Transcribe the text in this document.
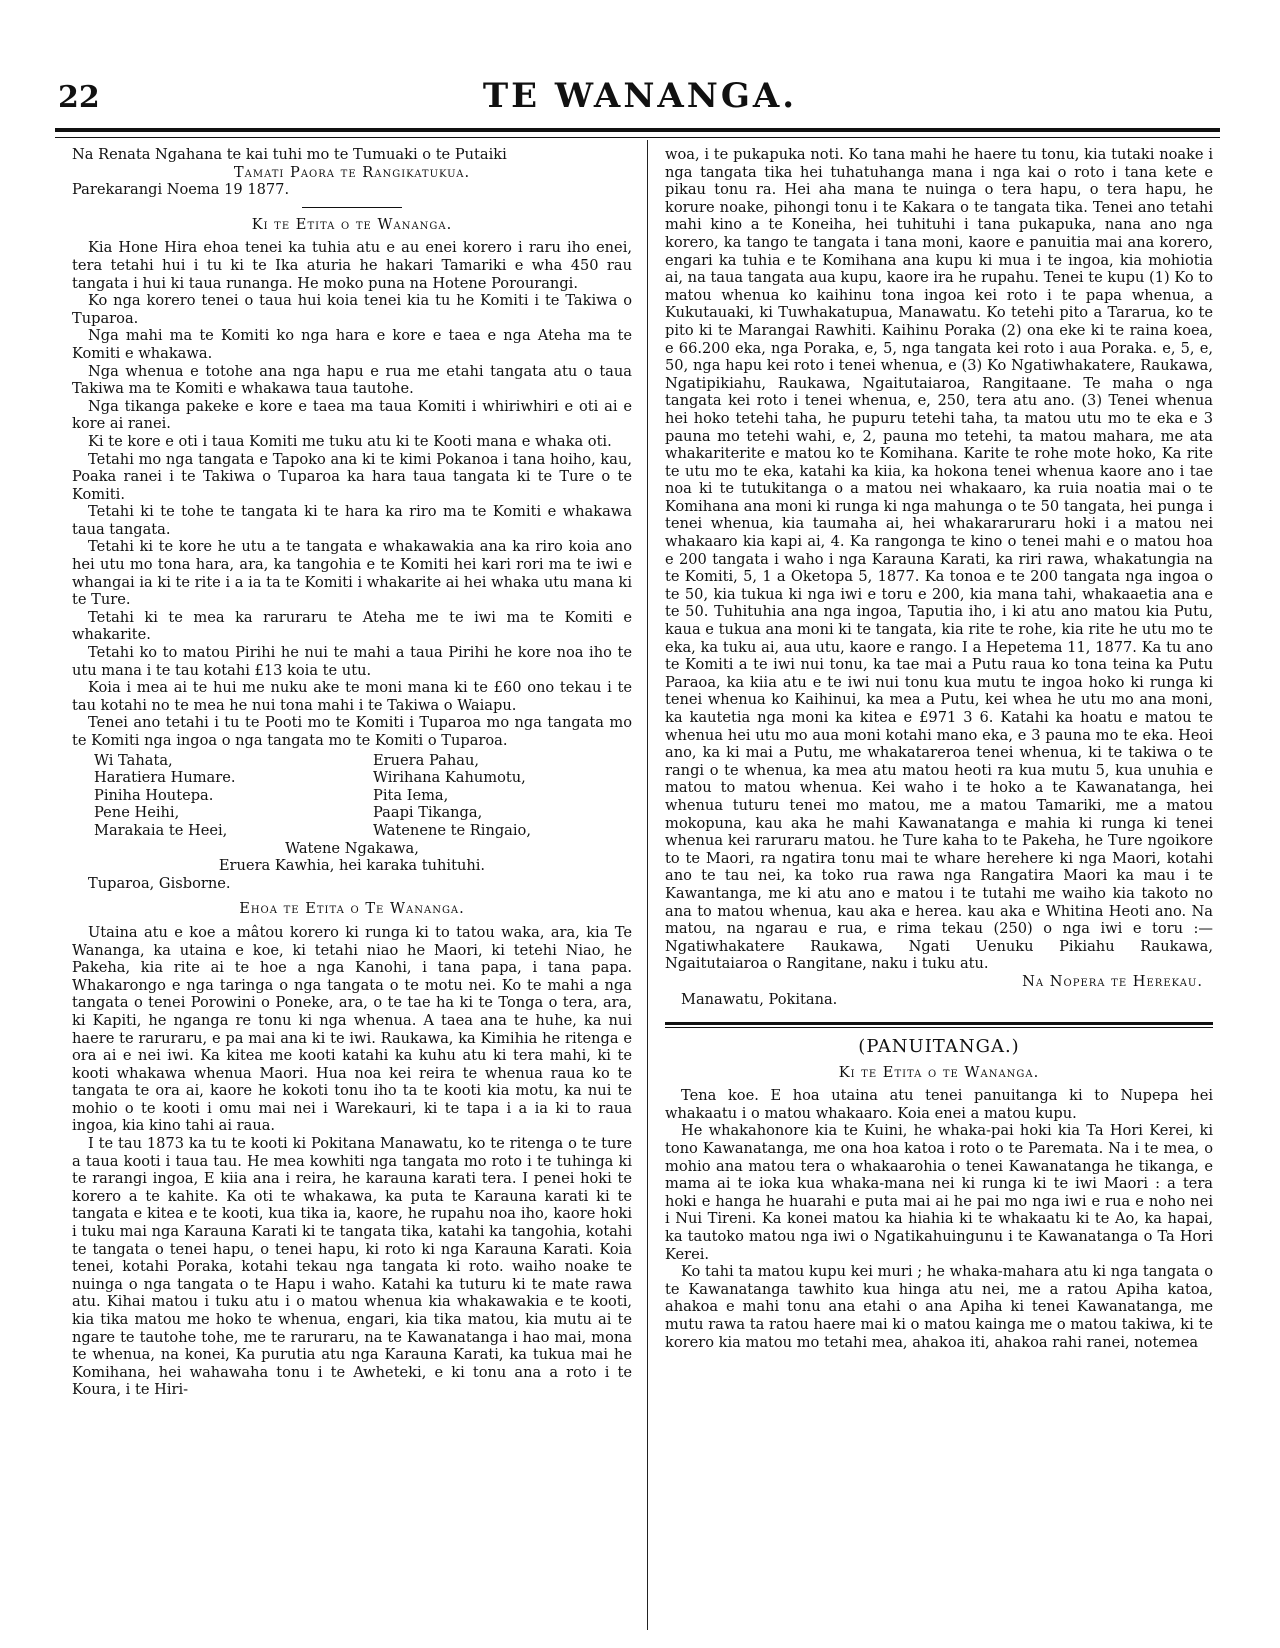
22	TE WANANGA.

Na Renata Ngahana te kai tuhi mo te Tumuaki o te Putaiki

Tamati Paora te Rangikatukua.

Parekarangi Noema 19 1877.

Ki te Etita o te Wananga.

Kia Hone Hira ehoa tenei ka tuhia atu e au enei korero i raru iho enei, tera tetahi hui i tu ki te Ika aturia he hakari Tamariki e wha 450 rau tangata i hui ki taua runanga. He moko puna na Hotene Porourangi.

Ko nga korero tenei o taua hui koia tenei kia tu he Komiti i te Takiwa o Tuparoa.

Nga mahi ma te Komiti ko nga hara e kore e taea e nga Ateha ma te Komiti e whakawa.

Nga whenua e totohe ana nga hapu e rua me etahi tangata atu o taua Takiwa ma te Komiti e whakawa taua tautohe.

Nga tikanga pakeke e kore e taea ma taua Komiti i whiriwhiri e oti ai e kore ai ranei.

Ki te kore e oti i taua Komiti me tuku atu ki te Kooti mana e whaka oti.

Tetahi mo nga tangata e Tapoko ana ki te kimi Pokanoa i tana hoiho, kau, Poaka ranei i te Takiwa o Tuparoa ka hara taua tangata ki te Ture o te Komiti.

Tetahi ki te tohe te tangata ki te hara ka riro ma te Komiti e whakawa taua tangata.

Tetahi ki te kore he utu a te tangata e whakawakia ana ka riro koia ano hei utu mo tona hara, ara, ka tangohia e te Komiti hei kari rori ma te iwi e whangai ia ki te rite i a ia ta te Komiti i whakarite ai hei whaka utu mana ki te Ture.

Tetahi ki te mea ka raruraru te Ateha me te iwi ma te Komiti e whakarite.

Tetahi ko to matou Pirihi he nui te mahi a taua Pirihi he kore noa iho te utu mana i te tau kotahi £13 koia te utu.

Koia i mea ai te hui me nuku ake te moni mana ki te £60 ono tekau i te tau kotahi no te mea he nui tona mahi i te Takiwa o Waiapu.

Tenei ano tetahi i tu te Pooti mo te Komiti i Tuparoa mo nga tangata mo te Komiti nga ingoa o nga tangata mo te Komiti o Tuparoa.

Wi Tahata,	Eruera Pahau,
Haratiera Humare.	Wirihana Kahumotu,
Piniha Houtepa.	Pita Iema,
Pene Heihi,	Paapi Tikanga,
Marakaia te Heei,	Watenene te Ringaio,
Watene Ngakawa,
Eruera Kawhia, hei karaka tuhituhi.

Tuparoa, Gisborne.

Ehoa te Etita o Te Wananga.

Utaina atu e koe a mâtou korero ki runga ki to tatou waka, ara, kia Te Wananga, ka utaina e koe, ki tetahi niao he Maori, ki tetehi Niao, he Pakeha, kia rite ai te hoe a nga Kanohi, i tana papa, i tana papa. Whakarongo e nga taringa o nga tangata o te motu nei. Ko te mahi a nga tangata o tenei Porowini o Poneke, ara, o te tae ha ki te Tonga o tera, ara, ki Kapiti, he nganga re tonu ki nga whenua. A taea ana te huhe, ka nui haere te raruraru, e pa mai ana ki te iwi. Raukawa, ka Kimihia he ritenga e ora ai e nei iwi. Ka kitea me kooti katahi ka kuhu atu ki tera mahi, ki te kooti whakawa whenua Maori. Hua noa kei reira te whenua raua ko te tangata te ora ai, kaore he kokoti tonu iho ta te kooti kia motu, ka nui te mohio o te kooti i omu mai nei i Warekauri, ki te tapa i a ia ki to raua ingoa, kia kino tahi ai raua.

I te tau 1873 ka tu te kooti ki Pokitana Manawatu, ko te ritenga o te ture a taua kooti i taua tau. He mea kowhiti nga tangata mo roto i te tuhinga ki te rarangi ingoa, E kiia ana i reira, he karauna karati tera. I penei hoki te korero a te kahite. Ka oti te whakawa, ka puta te Karauna karati ki te tangata e kitea e te kooti, kua tika ia, kaore, he rupahu noa iho, kaore hoki i tuku mai nga Karauna Karati ki te tangata tika, katahi ka tangohia, kotahi te tangata o tenei hapu, o tenei hapu, ki roto ki nga Karauna Karati. Koia tenei, kotahi Poraka, kotahi tekau nga tangata ki roto. waiho noake te nuinga o nga tangata o te Hapu i waho. Katahi ka tuturu ki te mate rawa atu. Kihai matou i tuku atu i o matou whenua kia whakawakia e te kooti, kia tika matou me hoko te whenua, engari, kia tika matou, kia mutu ai te ngare te tautohe tohe, me te raruraru, na te Kawanatanga i hao mai, mona te whenua, na konei, Ka purutia atu nga Karauna Karati, ka tukua mai he Komihana, hei wahawaha tonu i te Awheteki, e ki tonu ana a roto i te Koura, i te Hiri-

woa, i te pukapuka noti. Ko tana mahi he haere tu tonu, kia tutaki noake i nga tangata tika hei tuhatuhanga mana i nga kai o roto i tana kete e pikau tonu ra. Hei aha mana te nuinga o tera hapu, o tera hapu, he korure noake, pihongi tonu i te Kakara o te tangata tika. Tenei ano tetahi mahi kino a te Koneiha, hei tuhituhi i tana pukapuka, nana ano nga korero, ka tango te tangata i tana moni, kaore e panuitia mai ana korero, engari ka tuhia e te Komihana ana kupu ki mua i te ingoa, kia mohiotia ai, na taua tangata aua kupu, kaore ira he rupahu. Tenei te kupu (1) Ko to matou whenua ko kaihinu tona ingoa kei roto i te papa whenua, a Kukutauaki, ki Tuwhakatupua, Manawatu. Ko tetehi pito a Tararua, ko te pito ki te Marangai Rawhiti. Kaihinu Poraka (2) ona eke ki te raina koea, e 66.200 eka, nga Poraka, e, 5, nga tangata kei roto i aua Poraka. e, 5, e, 50, nga hapu kei roto i tenei whenua, e (3) Ko Ngatiwhakatere, Raukawa, Ngatipikiahu, Raukawa, Ngaitutaiaroa, Rangitaane. Te maha o nga tangata kei roto i tenei whenua, e, 250, tera atu ano. (3) Tenei whenua hei hoko tetehi taha, he pupuru tetehi taha, ta matou utu mo te eka e 3 pauna mo tetehi wahi, e, 2, pauna mo tetehi, ta matou mahara, me ata whakariterite e matou ko te Komihana. Karite te rohe mote hoko, Ka rite te utu mo te eka, katahi ka kiia, ka hokona tenei whenua kaore ano i tae noa ki te tutukitanga o a matou nei whakaaro, ka ruia noatia mai o te Komihana ana moni ki runga ki nga mahunga o te 50 tangata, hei punga i tenei whenua, kia taumaha ai, hei whakararuraru hoki i a matou nei whakaaro kia kapi ai, 4. Ka rangonga te kino o tenei mahi e o matou hoa e 200 tangata i waho i nga Karauna Karati, ka riri rawa, whakatungia na te Komiti, 5, 1 a Oketopa 5, 1877. Ka tonoa e te 200 tangata nga ingoa o te 50, kia tukua ki nga iwi e toru e 200, kia mana tahi, whakaaetia ana e te 50. Tuhituhia ana nga ingoa, Taputia iho, i ki atu ano matou kia Putu, kaua e tukua ana moni ki te tangata, kia rite te rohe, kia rite he utu mo te eka, ka tuku ai, aua utu, kaore e rango. I a Hepetema 11, 1877. Ka tu ano te Komiti a te iwi nui tonu, ka tae mai a Putu raua ko tona teina ka Putu Paraoa, ka kiia atu e te iwi nui tonu kua mutu te ingoa hoko ki runga ki tenei whenua ko Kaihinui, ka mea a Putu, kei whea he utu mo ana moni, ka kautetia nga moni ka kitea e £971 3 6. Katahi ka hoatu e matou te whenua hei utu mo aua moni kotahi mano eka, e 3 pauna mo te eka. Heoi ano, ka ki mai a Putu, me whakatareroa tenei whenua, ki te takiwa o te rangi o te whenua, ka mea atu matou heoti ra kua mutu 5, kua unuhia e matou to matou whenua. Kei waho i te hoko a te Kawanatanga, hei whenua tuturu tenei mo matou, me a matou Tamariki, me a matou mokopuna, kau aka he mahi Kawanatanga e mahia ki runga ki tenei whenua kei raruraru matou. he Ture kaha to te Pakeha, he Ture ngoikore to te Maori, ra ngatira tonu mai te whare herehere ki nga Maori, kotahi ano te tau nei, ka toko rua rawa nga Rangatira Maori ka mau i te Kawantanga, me ki atu ano e matou i te tutahi me waiho kia takoto no ana to matou whenua, kau aka e herea. kau aka e Whitina Heoti ano. Na matou, na ngarau e rua, e rima tekau (250) o nga iwi e toru :—Ngatiwhakatere Raukawa, Ngati Uenuku Pikiahu Raukawa, Ngaitutaiaroa o Rangitane, naku i tuku atu.

Na Nopera te Herekau.

Manawatu, Pokitana.

(PANUITANGA.)
Ki te Etita o te Wananga.

Tena koe. E hoa utaina atu tenei panuitanga ki to Nupepa hei whakaatu i o matou whakaaro. Koia enei a matou kupu.

He whakahonore kia te Kuini, he whaka-pai hoki kia Ta Hori Kerei, ki tono Kawanatanga, me ona hoa katoa i roto o te Paremata. Na i te mea, o mohio ana matou tera o whakaarohia o tenei Kawanatanga he tikanga, e mama ai te ioka kua whaka-mana nei ki runga ki te iwi Maori : a tera hoki e hanga he huarahi e puta mai ai he pai mo nga iwi e rua e noho nei i Nui Tireni. Ka konei matou ka hiahia ki te whakaatu ki te Ao, ka hapai, ka tautoko matou nga iwi o Ngatikahuingunu i te Kawanatanga o Ta Hori Kerei.

Ko tahi ta matou kupu kei muri ; he whaka-mahara atu ki nga tangata o te Kawanatanga tawhito kua hinga atu nei, me a ratou Apiha katoa, ahakoa e mahi tonu ana etahi o ana Apiha ki tenei Kawanatanga, me mutu rawa ta ratou haere mai ki o matou kainga me o matou takiwa, ki te korero kia matou mo tetahi mea, ahakoa iti, ahakoa rahi ranei, notemea
